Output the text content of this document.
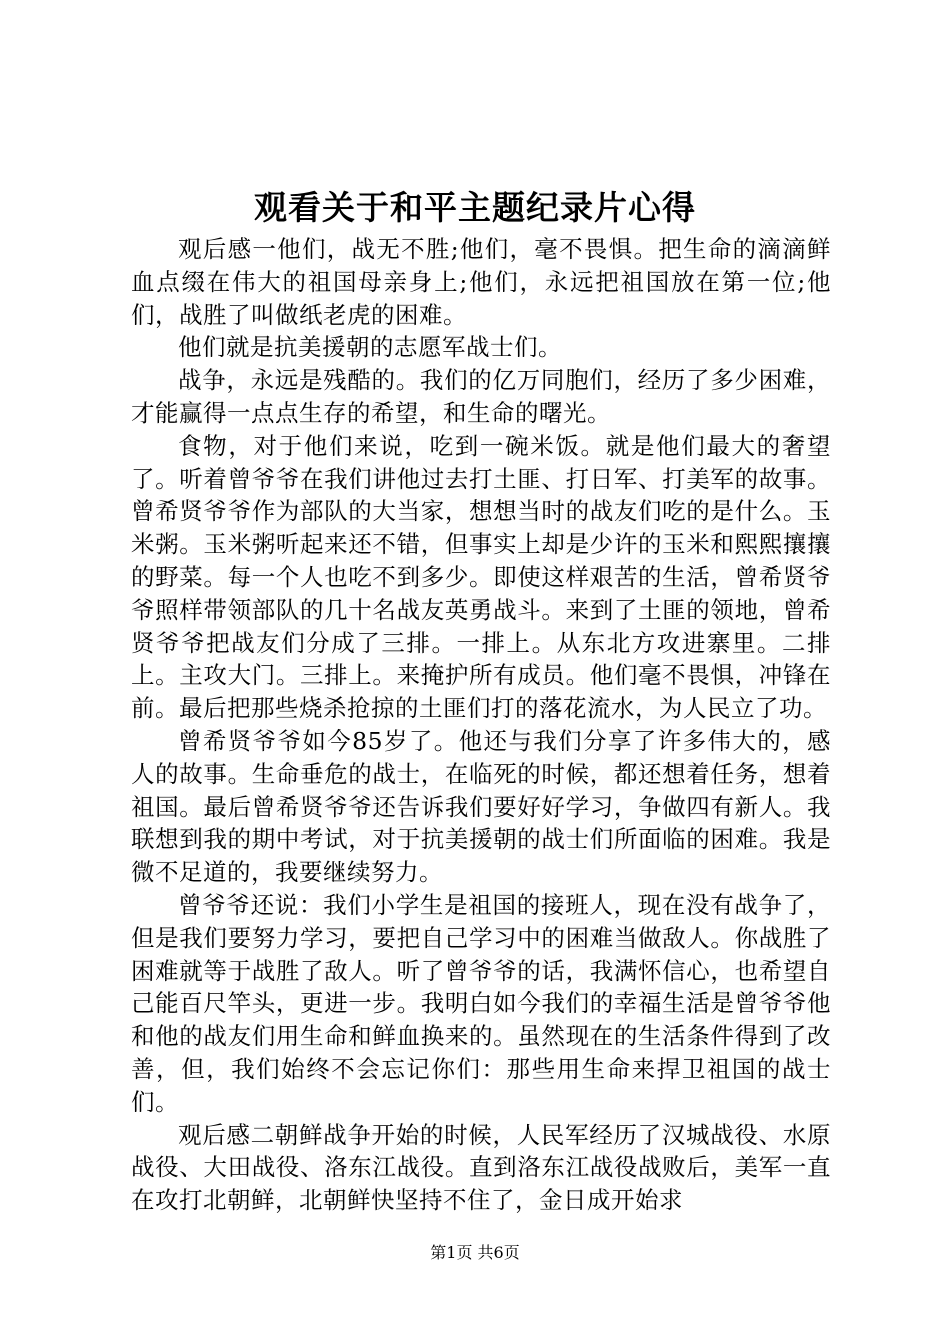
观看关于和平主题纪录片心得

观后感一他们，战无不胜;他们，毫不畏惧。把生命的滴滴鲜血点缀在伟大的祖国母亲身上;他们，永远把祖国放在第一位;他们，战胜了叫做纸老虎的困难。

他们就是抗美援朝的志愿军战士们。

战争，永远是残酷的。我们的亿万同胞们，经历了多少困难，才能赢得一点点生存的希望，和生命的曙光。

食物，对于他们来说，吃到一碗米饭。就是他们最大的奢望了。听着曾爷爷在我们讲他过去打土匪、打日军、打美军的故事。曾希贤爷爷作为部队的大当家，想想当时的战友们吃的是什么。玉米粥。玉米粥听起来还不错，但事实上却是少许的玉米和熙熙攘攘的野菜。每一个人也吃不到多少。即使这样艰苦的生活，曾希贤爷爷照样带领部队的几十名战友英勇战斗。来到了土匪的领地，曾希贤爷爷把战友们分成了三排。一排上。从东北方攻进寨里。二排上。主攻大门。三排上。来掩护所有成员。他们毫不畏惧，冲锋在前。最后把那些烧杀抢掠的土匪们打的落花流水，为人民立了功。

曾希贤爷爷如今85岁了。他还与我们分享了许多伟大的，感人的故事。生命垂危的战士，在临死的时候，都还想着任务，想着祖国。最后曾希贤爷爷还告诉我们要好好学习，争做四有新人。我联想到我的期中考试，对于抗美援朝的战士们所面临的困难。我是微不足道的，我要继续努力。

曾爷爷还说：我们小学生是祖国的接班人，现在没有战争了，但是我们要努力学习，要把自己学习中的困难当做敌人。你战胜了困难就等于战胜了敌人。听了曾爷爷的话，我满怀信心，也希望自己能百尺竿头，更进一步。我明白如今我们的幸福生活是曾爷爷他和他的战友们用生命和鲜血换来的。虽然现在的生活条件得到了改善，但，我们始终不会忘记你们：那些用生命来捍卫祖国的战士们。

观后感二朝鲜战争开始的时候，人民军经历了汉城战役、水原战役、大田战役、洛东江战役。直到洛东江战役战败后，美军一直在攻打北朝鲜，北朝鲜快坚持不住了，金日成开始求

第1页 共6页
